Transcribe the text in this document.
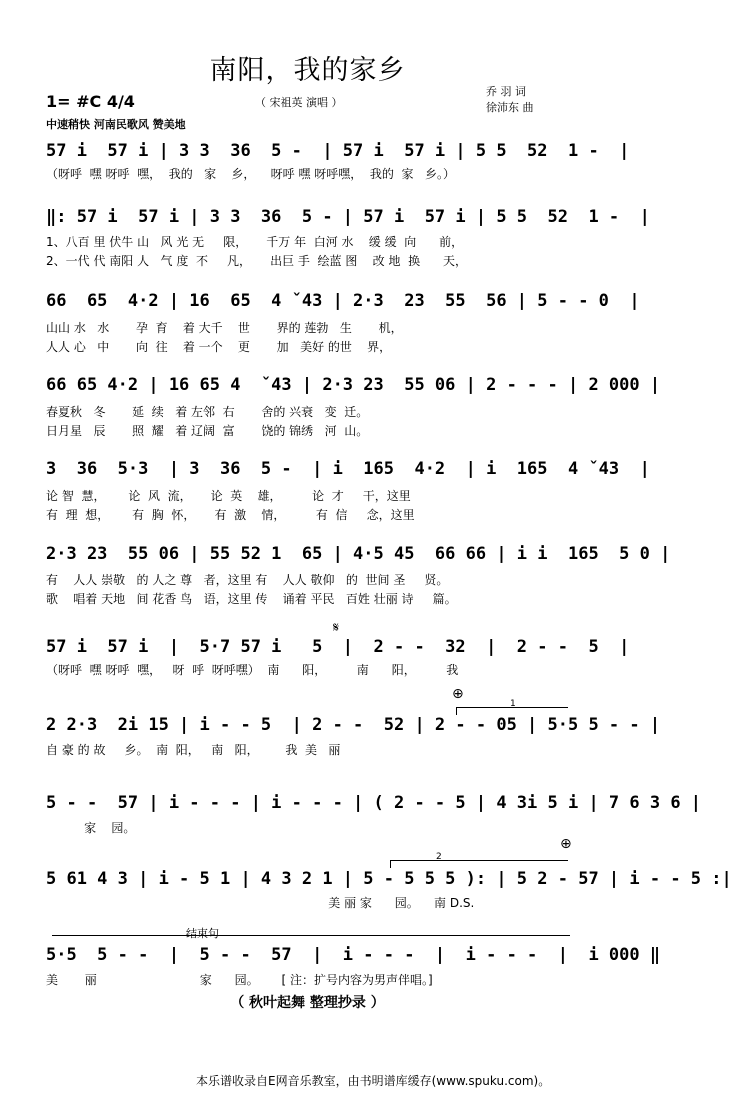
南阳，我的家乡
（ 宋祖英 演唱 ）
乔 羽 词
徐沛东 曲
1= #C 4/4
中速稍快 河南民歌风 赞美地
57 i  57 i | 3 3  36  5 -  | 57 i  57 i | 5 5  52  1 -  |
（呀呼  嘿 呀呼  嘿，  我的   家    乡，    呀呼 嘿 呀呼嘿，  我的  家   乡。）
‖: 57 i  57 i | 3 3  36  5 - | 57 i  57 i | 5 5  52  1 -  |
1、八百 里 伏牛 山   风 光 无     限，     千万 年  白河 水    缓 缓  向      前，
2、一代 代 南阳 人   气 度  不     凡，     出巨 手  绘蓝 图    改 地  换      天，
66  65  4·2 | 16  65  4 ˇ43 | 2·3  23  55  56 | 5 - - 0  |
山山 水   水       孕  育    着 大千    世       界的 莲勃   生       机，
人人 心   中       向  往    着 一个    更       加   美好 的世    界，
66 65 4·2 | 16 65 4  ˇ43 | 2·3 23  55 06 | 2 - - - | 2 000 |
春夏秋   冬       延  续   着 左邻  右       舍的 兴衰   变  迁。
日月星   辰       照  耀   着 辽阔  富       饶的 锦绣   河  山。
3  36  5·3  | 3  36  5 -  | i  165  4·2  | i  165  4 ˇ43  |
论 智  慧，      论  风  流，     论  英    雄，        论  才     干，这里
有  理  想，      有  胸  怀，     有  激    情，        有  信     念，这里
2·3 23  55 06 | 55 52 1  65 | 4·5 45  66 66 | i i  165  5 0 |
有    人人 崇敬   的 人之 尊   者，这里 有    人人 敬仰   的  世间 圣     贤。
歌    唱着 天地   间 花香 鸟   语，这里 传    诵着 平民   百姓 壮丽 诗     篇。
𝄋
57 i  57 i  |  5·7 57 i   5  |  2 - -  32  |  2 - -  5  |
（呀呼  嘿 呀呼  嘿，   呀  呼  呀呼嘿）  南      阳，        南      阳，        我
⊕
1
2 2·3  2i 15 | i - - 5  | 2 - -  52 | 2 - - 05 | 5·5 5 - - |
自 豪 的 故     乡。  南  阳，   南   阳，       我  美   丽
5 - -  57 | i - - - | i - - - | ( 2 - - 5 | 4 3i 5 i | 7 6 3 6 |
家    园。
⊕
2
5 61 4 3 | i - 5 1 | 4 3 2 1 | 5 - 5 5 5 ): | 5 2 - 57 | i - - 5 :|
美 丽 家      园。    南 D.S.
结束句
5·5  5 - -  |  5 - -  57  |  i - - -  |  i - - -  |  i 000 ‖
美       丽                           家      园。      [ 注：扩号内容为男声伴唱。]
（ 秋叶起舞 整理抄录 ）
本乐谱收录自E网音乐教室，由书明谱库缓存(www.spuku.com)。
